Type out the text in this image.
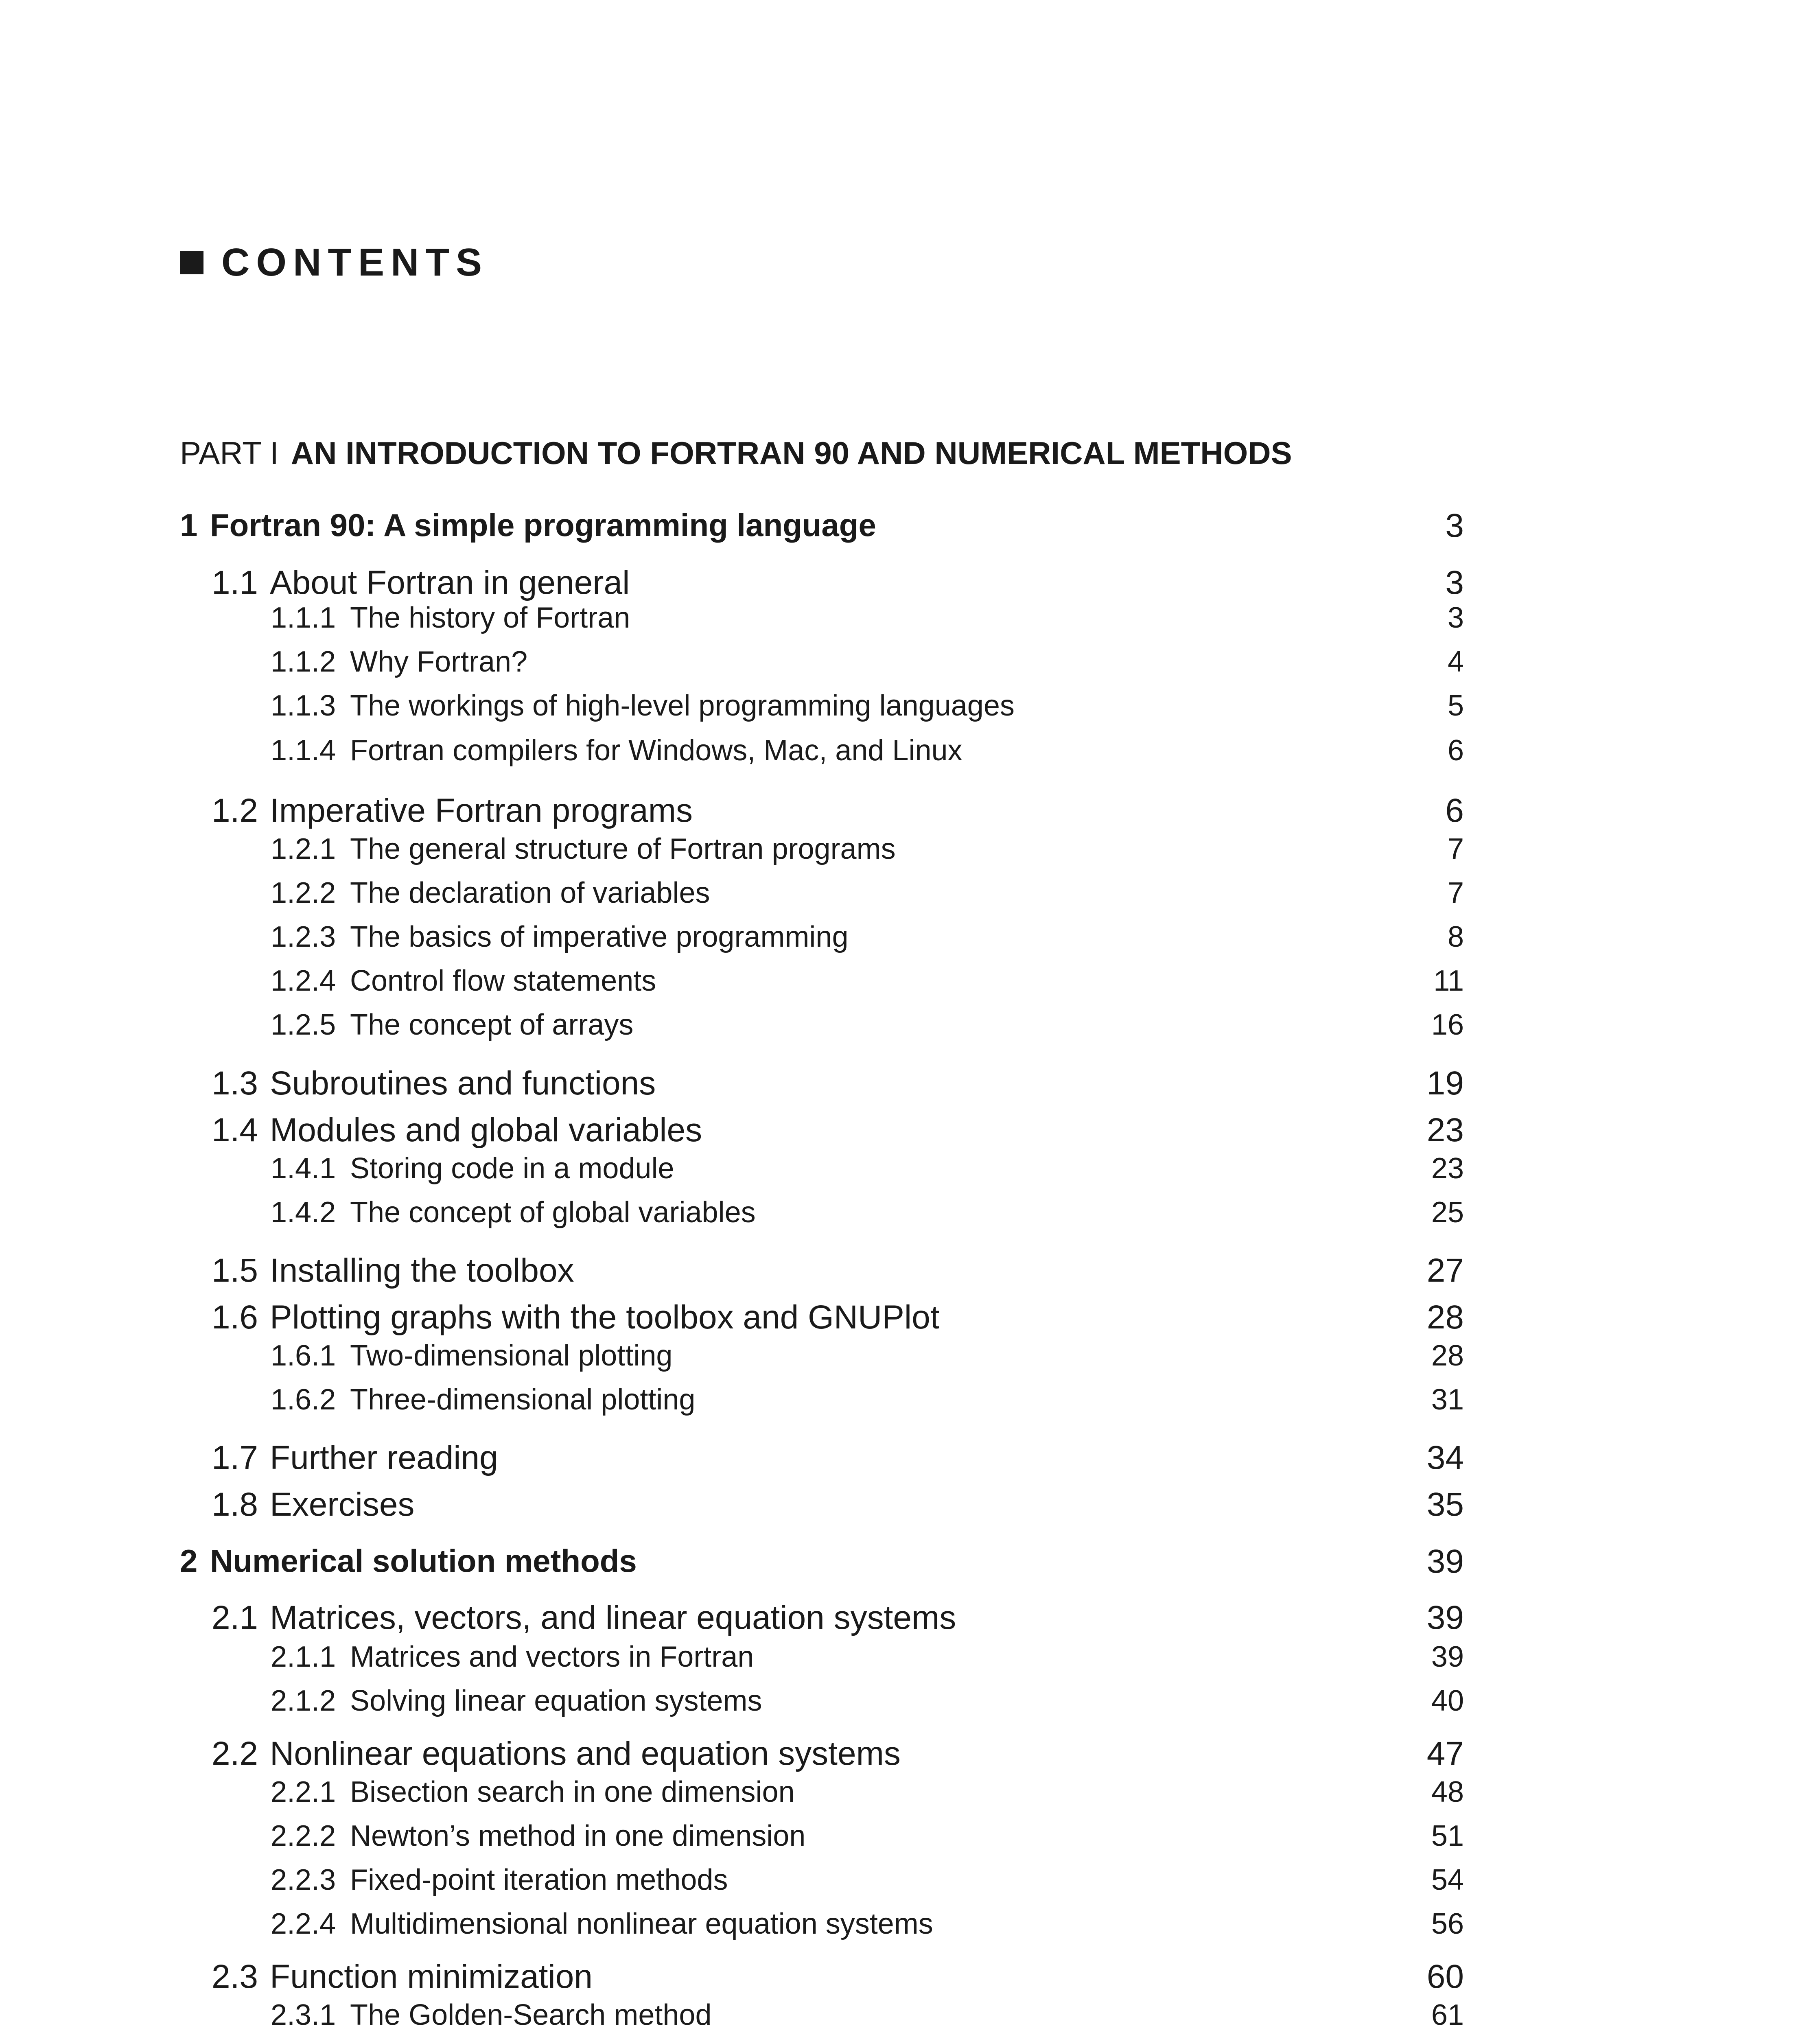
CONTENTS
PART I AN INTRODUCTION TO FORTRAN 90 AND NUMERICAL METHODS
1 Fortran 90: A simple programming language	3
1.1 About Fortran in general	3
1.1.1 The history of Fortran	3
1.1.2 Why Fortran?	4
1.1.3 The workings of high-level programming languages	5
1.1.4 Fortran compilers for Windows, Mac, and Linux	6
1.2 Imperative Fortran programs	6
1.2.1 The general structure of Fortran programs	7
1.2.2 The declaration of variables	7
1.2.3 The basics of imperative programming	8
1.2.4 Control flow statements	11
1.2.5 The concept of arrays	16
1.3 Subroutines and functions	19
1.4 Modules and global variables	23
1.4.1 Storing code in a module	23
1.4.2 The concept of global variables	25
1.5 Installing the toolbox	27
1.6 Plotting graphs with the toolbox and GNUPlot	28
1.6.1 Two-dimensional plotting	28
1.6.2 Three-dimensional plotting	31
1.7 Further reading	34
1.8 Exercises	35
2 Numerical solution methods	39
2.1 Matrices, vectors, and linear equation systems	39
2.1.1 Matrices and vectors in Fortran	39
2.1.2 Solving linear equation systems	40
2.2 Nonlinear equations and equation systems	47
2.2.1 Bisection search in one dimension	48
2.2.2 Newton’s method in one dimension	51
2.2.3 Fixed-point iteration methods	54
2.2.4 Multidimensional nonlinear equation systems	56
2.3 Function minimization	60
2.3.1 The Golden-Search method	61
